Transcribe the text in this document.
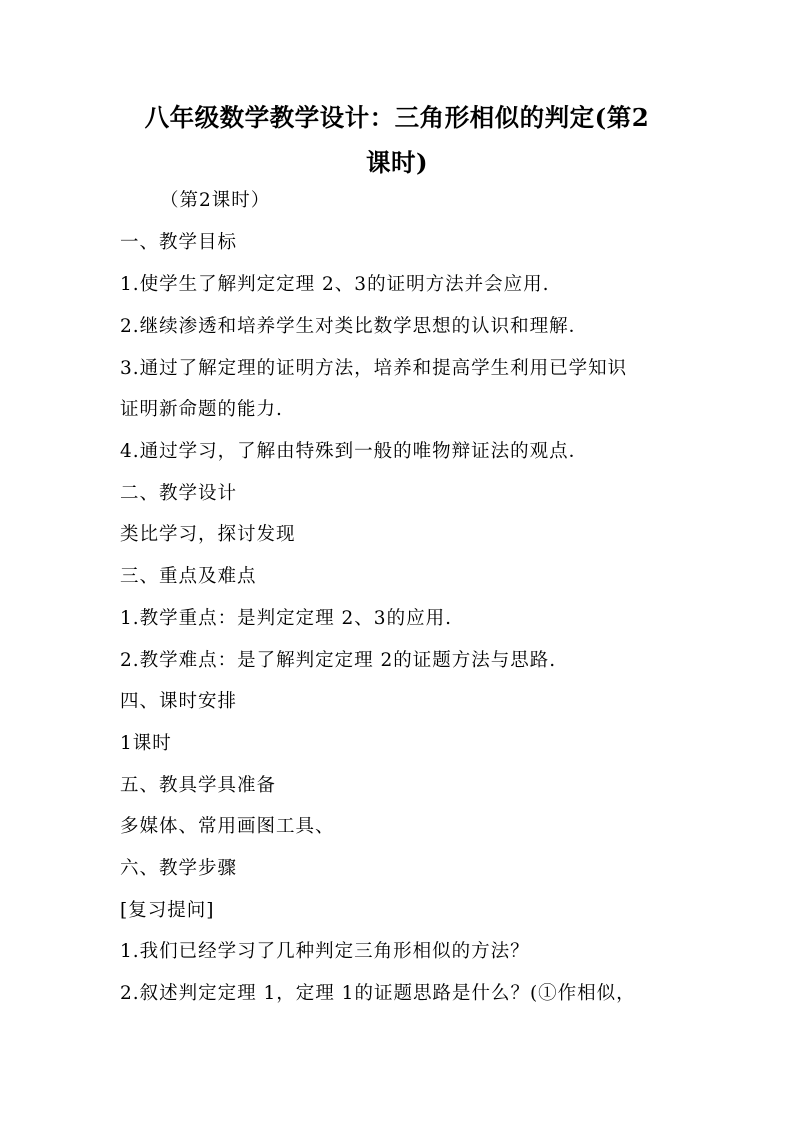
八年级数学教学设计：三角形相似的判定(第2
课时)

（第2课时）

一、教学目标

1.使学生了解判定定理 2、3的证明方法并会应用.

2.继续渗透和培养学生对类比数学思想的认识和理解．

3.通过了解定理的证明方法，培养和提高学生利用已学知识

证明新命题的能力.

4.通过学习，了解由特殊到一般的唯物辩证法的观点．

二、教学设计

类比学习，探讨发现

三、重点及难点

1.教学重点：是判定定理 2、3的应用.

2.教学难点：是了解判定定理 2的证题方法与思路.

四、课时安排

1课时

五、教具学具准备

多媒体、常用画图工具、

六、教学步骤

[复习提问]

1.我们已经学习了几种判定三角形相似的方法？

2.叙述判定定理 1，定理 1的证题思路是什么？(①作相似，
